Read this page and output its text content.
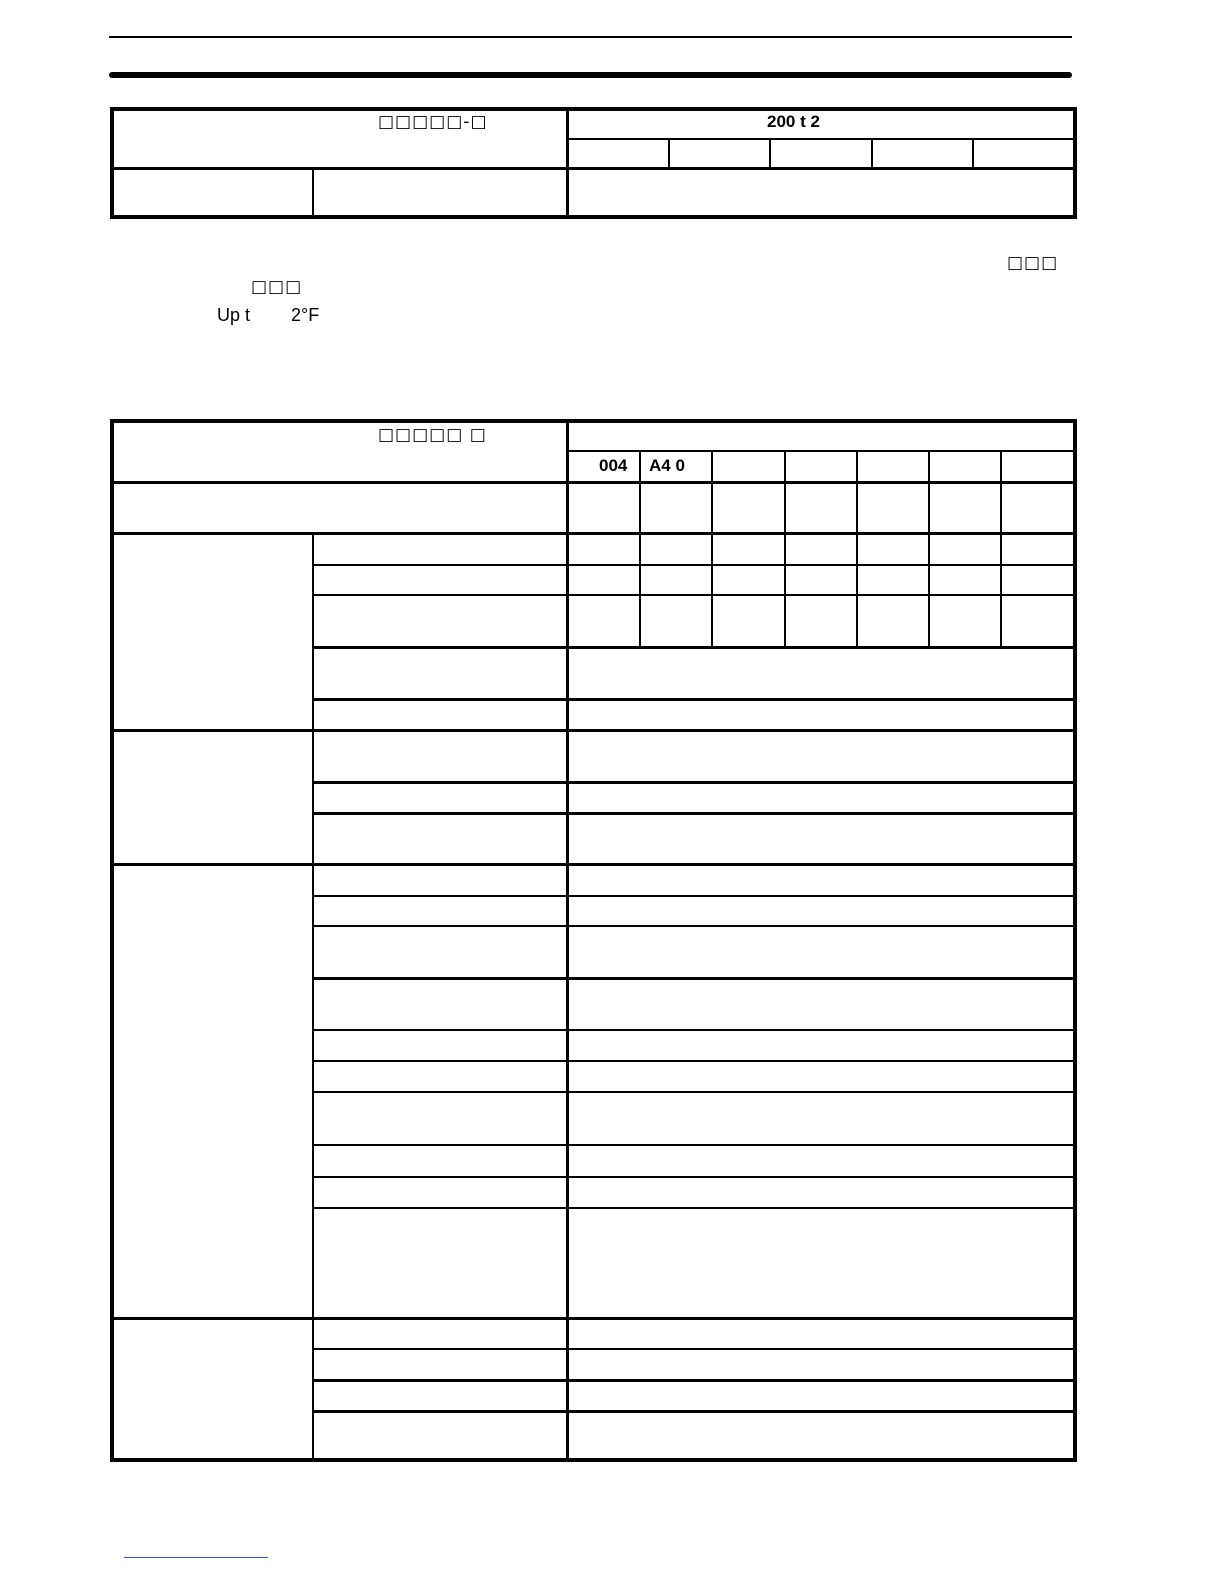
□□□□□-□	200 t 2
□□□
□□□
Up t 2°F
□□□□□ □
004 A4 0
